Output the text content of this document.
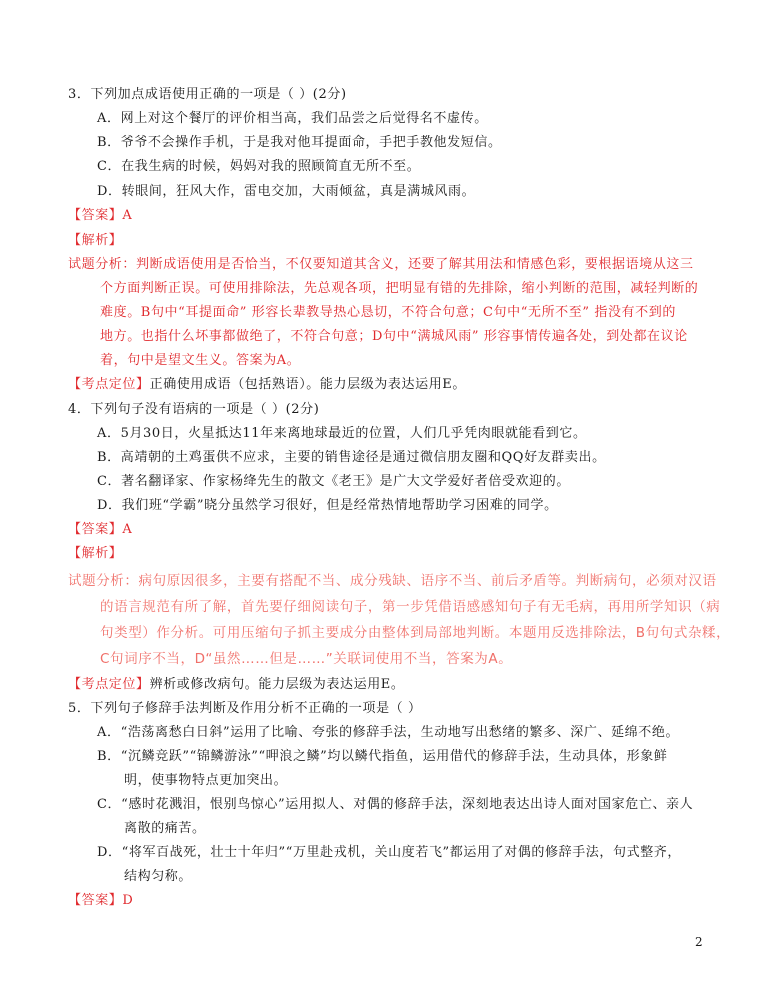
3．下列加点成语使用正确的一项是（ ）(2分)
A．网上对这个餐厅的评价相当高，我们品尝之后觉得名不虚传。
B．爷爷不会操作手机，于是我对他耳提面命，手把手教他发短信。
C．在我生病的时候，妈妈对我的照顾简直无所不至。
D．转眼间，狂风大作，雷电交加，大雨倾盆，真是满城风雨。
【答案】A
【解析】
试题分析：判断成语使用是否恰当，不仅要知道其含义，还要了解其用法和情感色彩，要根据语境从这三
个方面判断正误。可使用排除法，先总观各项，把明显有错的先排除，缩小判断的范围，减轻判断的
难度。B句中“耳提面命” 形容长辈教导热心恳切，不符合句意；C句中“无所不至” 指没有不到的
地方。也指什么坏事都做绝了，不符合句意；D句中“满城风雨” 形容事情传遍各处，到处都在议论
着，句中是望文生义。答案为A。
【考点定位】正确使用成语（包括熟语）。能力层级为表达运用E。
4．下列句子没有语病的一项是（ ）(2分)
A．5月30日，火星抵达11年来离地球最近的位置，人们几乎凭肉眼就能看到它。
B．高靖朝的土鸡蛋供不应求，主要的销售途径是通过微信朋友圈和QQ好友群卖出。
C．著名翻译家、作家杨绛先生的散文《老王》是广大文学爱好者倍受欢迎的。
D．我们班“学霸”晓分虽然学习很好，但是经常热情地帮助学习困难的同学。
【答案】A
【解析】
试题分析：病句原因很多，主要有搭配不当、成分残缺、语序不当、前后矛盾等。判断病句，必须对汉语
的语言规范有所了解，首先要仔细阅读句子，第一步凭借语感感知句子有无毛病，再用所学知识（病
句类型）作分析。可用压缩句子抓主要成分由整体到局部地判断。本题用反选排除法，B句句式杂糅，
C句词序不当，D“虽然……但是……”关联词使用不当，答案为A。
【考点定位】辨析或修改病句。能力层级为表达运用E。
5．下列句子修辞手法判断及作用分析不正确的一项是（ ）
A．“浩荡离愁白日斜”运用了比喻、夸张的修辞手法，生动地写出愁绪的繁多、深广、延绵不绝。
B．“沉鳞竞跃”“锦鳞游泳”“呷浪之鳞”均以鳞代指鱼，运用借代的修辞手法，生动具体，形象鲜
明，使事物特点更加突出。
C．“感时花溅泪，恨别鸟惊心”运用拟人、对偶的修辞手法，深刻地表达出诗人面对国家危亡、亲人
离散的痛苦。
D．“将军百战死，壮士十年归”“万里赴戎机，关山度若飞”都运用了对偶的修辞手法，句式整齐，
结构匀称。
【答案】D
2
